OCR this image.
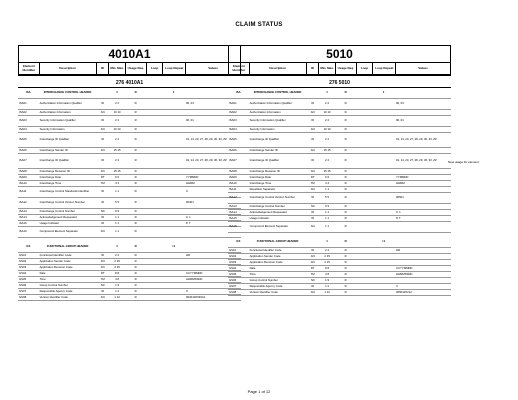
CLAIM STATUS
4010A1
Element Identifier	Description	ID	Min. Max.	Usage Req.	Loop	Loop Repeat	Values
276 4010A1
ISA	INTERCHANGE CONTROL HEADER		1	R		1	
ISA01	Authorization Information Qualifier	ID	2 2	R			00, 03
ISA02	Authorization Information	AN	10 10	R			
ISA03	Security Information Qualifier	ID	2 2	R			00, 01
ISA04	Security Information	AN	10 10	R			
ISA05	Interchange ID Qualifier	ID	2 2	R			01, 14, 20, 27, 28, 29, 30, 33, ZZ
ISA06	Interchange Sender ID	AN	15 15	R			
ISA07	Interchange ID Qualifier	ID	2 2	R			01, 14, 20, 27, 28, 29, 30, 33, ZZ
ISA08	Interchange Receiver ID	AN	15 15	R			
ISA09	Interchange Date	DT	6 6	R			YYMMDD
ISA10	Interchange Time	TM	4 4	R			HHMM
ISA11	Interchange Control Standards Identifier	ID	1 1	R			U
ISA12	Interchange Control Version Number	ID	5 5	R			00401
ISA13	Interchange Control Number	N0	9 9	R			
ISA14	Acknowledgement Requested	ID	1 1	R			0, 1
ISA15	Usage Indicator	ID	1 1	R			P, T
ISA16	Component Element Separator	AN	1 1	R			
GS	FUNCTIONAL GROUP HEADER		1	R		>1	
GS01	Functional Identifier Code	ID	2 2	R			HR
GS02	Application Sender Code	AN	2 15	R			
GS03	Application Receiver Code	AN	2 15	R			
GS04	Date	DT	8 8	R			CCYYMMDD
GS05	Time	TM	4 8	R			HHMMSSDD
GS06	Group Control Number	N0	1 9	R			
GS07	Responsible Agency Code	ID	1 2	R			X
GS08	Version Identifier Code	AN	1 12	R			004010X093A1
5010
Element Identifier	Description	ID	Min. Max.	Usage Req.	Loop	Loop Repeat	Values
276 5010
ISA	INTERCHANGE CONTROL HEADER		1	R		1	
ISA01	Authorization Information Qualifier	ID	2 2	R			00, 03
ISA02	Authorization Information	AN	10 10	R			
ISA03	Security Information Qualifier	ID	2 2	R			00, 01
ISA04	Security Information	AN	10 10	R			
ISA05	Interchange ID Qualifier	ID	2 2	R			01, 14, 20, 27, 28, 29, 30, 33, ZZ
ISA06	Interchange Sender ID	AN	15 15	R			
ISA07	Interchange ID Qualifier	ID	2 2	R			01, 14, 20, 27, 28, 29, 30, 33, ZZ
ISA08	Interchange Receiver ID	AN	15 15	R			
ISA09	Interchange Date	DT	6 6	R			YYMMDD
ISA10	Interchange Time	TM	4 4	R			HHMM
ISA11	Repetition Separator	AN	1 1	R			
ISA12	Interchange Control Version Number	ID	5 5	R			00501
ISA13	Interchange Control Number	N0	9 9	R			
ISA14	Acknowledgement Requested	ID	1 1	R			0, 1
ISA15	Usage Indicator	ID	1 1	R			P, T
ISA16	Component Element Separator	AN	1 1	R			
GS	FUNCTIONAL GROUP HEADER		1	R		>1	
GS01	Functional Identifier Code	ID	2 2	R			HR
GS02	Application Sender Code	AN	2 15	R			
GS03	Application Receiver Code	AN	2 15	R			
GS04	Date	DT	8 8	R			CCYYMMDD
GS05	Time	TM	4 8	R			HHMMSSDD
GS06	Group Control Number	N0	1 9	R			
GS07	Responsible Agency Code	ID	1 2	R			X
GS08	Version Identifier Code	AN	1 12	R			005010X212
New usage for element
Page 1 of 12
